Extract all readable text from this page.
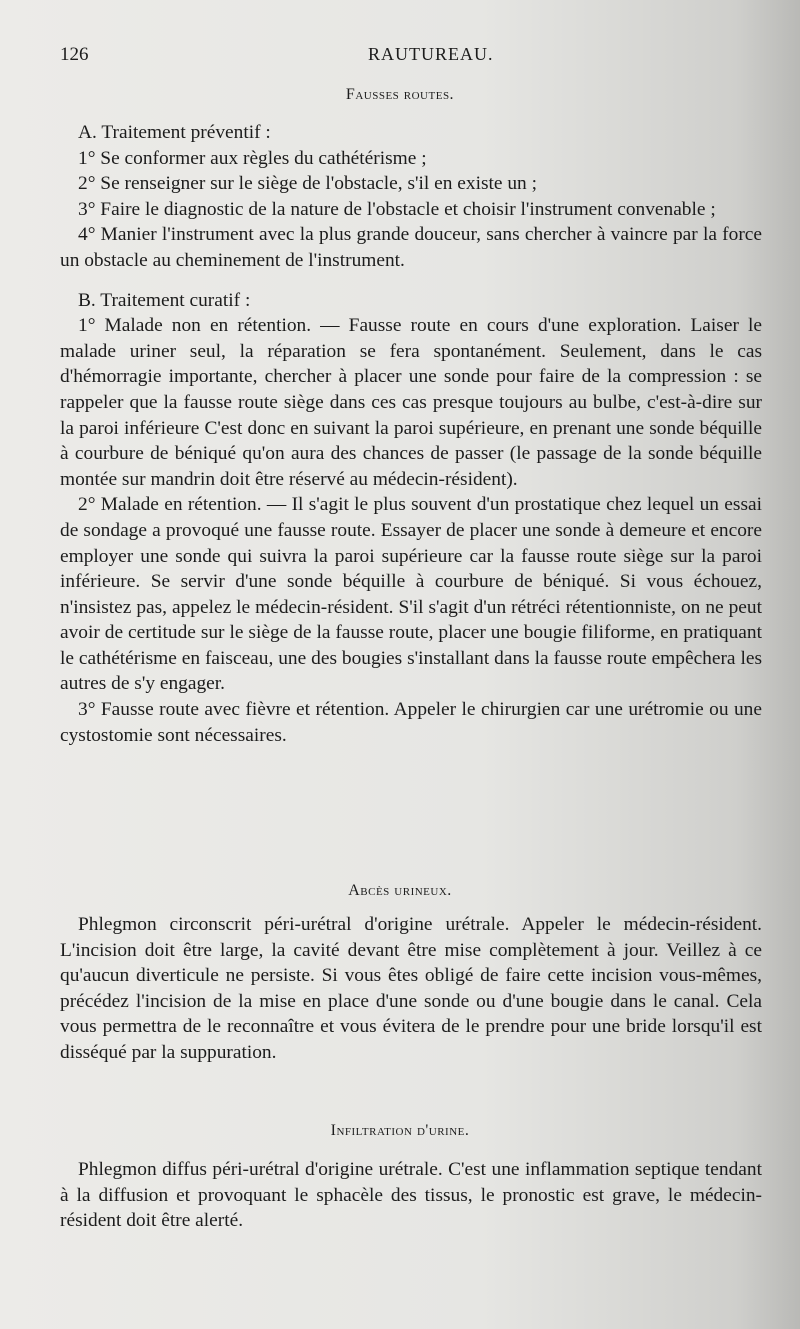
126	RAUTUREAU.
Fausses routes.

A. Traitement préventif :

1° Se conformer aux règles du cathétérisme ;

2° Se renseigner sur le siège de l'obstacle, s'il en existe un ;

3° Faire le diagnostic de la nature de l'obstacle et choisir l'instrument convenable ;

4° Manier l'instrument avec la plus grande douceur, sans chercher à vaincre par la force un obstacle au cheminement de l'instrument.

B. Traitement curatif :

1° Malade non en rétention. — Fausse route en cours d'une exploration. Laiser le malade uriner seul, la réparation se fera spontanément. Seulement, dans le cas d'hémorragie importante, chercher à placer une sonde pour faire de la compression : se rappeler que la fausse route siège dans ces cas presque toujours au bulbe, c'est-à-dire sur la paroi inférieure C'est donc en suivant la paroi supérieure, en prenant une sonde béquille à courbure de béniqué qu'on aura des chances de passer (le passage de la sonde béquille montée sur mandrin doit être réservé au médecin-résident).

2° Malade en rétention. — Il s'agit le plus souvent d'un prostatique chez lequel un essai de sondage a provoqué une fausse route. Essayer de placer une sonde à demeure et encore employer une sonde qui suivra la paroi supérieure car la fausse route siège sur la paroi inférieure. Se servir d'une sonde béquille à courbure de béniqué. Si vous échouez, n'insistez pas, appelez le médecin-résident. S'il s'agit d'un rétréci rétentionniste, on ne peut avoir de certitude sur le siège de la fausse route, placer une bougie filiforme, en pratiquant le cathétérisme en faisceau, une des bougies s'installant dans la fausse route empêchera les autres de s'y engager.

3° Fausse route avec fièvre et rétention. Appeler le chirurgien car une urétromie ou une cystostomie sont nécessaires.

Abcès urineux.

Phlegmon circonscrit péri-urétral d'origine urétrale. Appeler le médecin-résident. L'incision doit être large, la cavité devant être mise complètement à jour. Veillez à ce qu'aucun diverticule ne persiste. Si vous êtes obligé de faire cette incision vous-mêmes, précédez l'incision de la mise en place d'une sonde ou d'une bougie dans le canal. Cela vous permettra de le reconnaître et vous évitera de le prendre pour une bride lorsqu'il est disséqué par la suppuration.

Infiltration d'urine.

Phlegmon diffus péri-urétral d'origine urétrale. C'est une inflammation septique tendant à la diffusion et provoquant le sphacèle des tissus, le pronostic est grave, le médecin-résident doit être alerté.
